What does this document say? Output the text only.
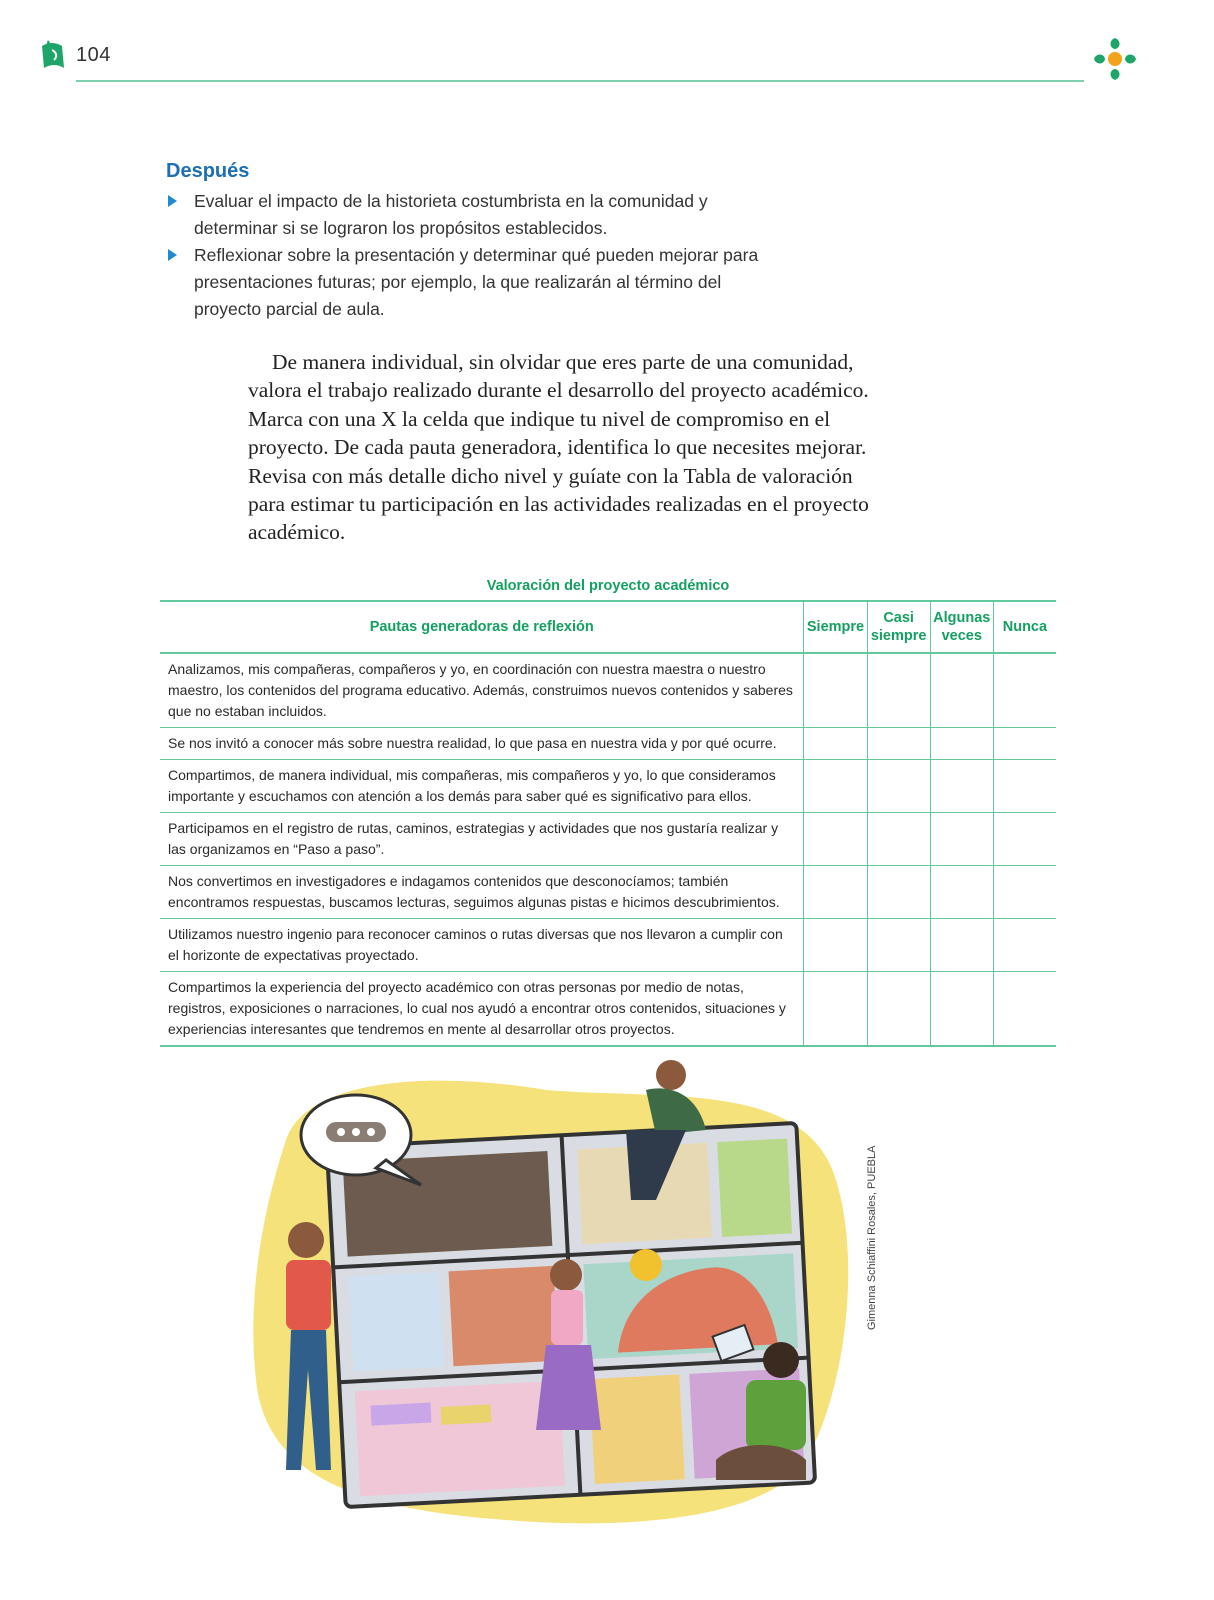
104
Después
Evaluar el impacto de la historieta costumbrista en la comunidad y determinar si se lograron los propósitos establecidos.
Reflexionar sobre la presentación y determinar qué pueden mejorar para presentaciones futuras; por ejemplo, la que realizarán al término del proyecto parcial de aula.

De manera individual, sin olvidar que eres parte de una comunidad, valora el trabajo realizado durante el desarrollo del proyecto académico. Marca con una X la celda que indique tu nivel de compromiso en el proyecto. De cada pauta generadora, identifica lo que necesites mejorar. Revisa con más detalle dicho nivel y guíate con la Tabla de valoración para estimar tu participación en las actividades realizadas en el proyecto académico.

Valoración del proyecto académico
Pautas generadoras de reflexión	Siempre	Casi siempre	Algunas veces	Nunca
Analizamos, mis compañeras, compañeros y yo, en coordinación con nuestra maestra o nuestro maestro, los contenidos del programa educativo. Además, construimos nuevos contenidos y saberes que no estaban incluidos.				
Se nos invitó a conocer más sobre nuestra realidad, lo que pasa en nuestra vida y por qué ocurre.				
Compartimos, de manera individual, mis compañeras, mis compañeros y yo, lo que consideramos importante y escuchamos con atención a los demás para saber qué es significativo para ellos.				
Participamos en el registro de rutas, caminos, estrategias y actividades que nos gustaría realizar y las organizamos en “Paso a paso”.				
Nos convertimos en investigadores e indagamos contenidos que desconocíamos; también encontramos respuestas, buscamos lecturas, seguimos algunas pistas e hicimos descubrimientos.				
Utilizamos nuestro ingenio para reconocer caminos o rutas diversas que nos llevaron a cumplir con el horizonte de expectativas proyectado.				
Compartimos la experiencia del proyecto académico con otras personas por medio de notas, registros, exposiciones o narraciones, lo cual nos ayudó a encontrar otros contenidos, situaciones y experiencias interesantes que tendremos en mente al desarrollar otros proyectos.				
Gimenna Schiaffini Rosales, PUEBLA
